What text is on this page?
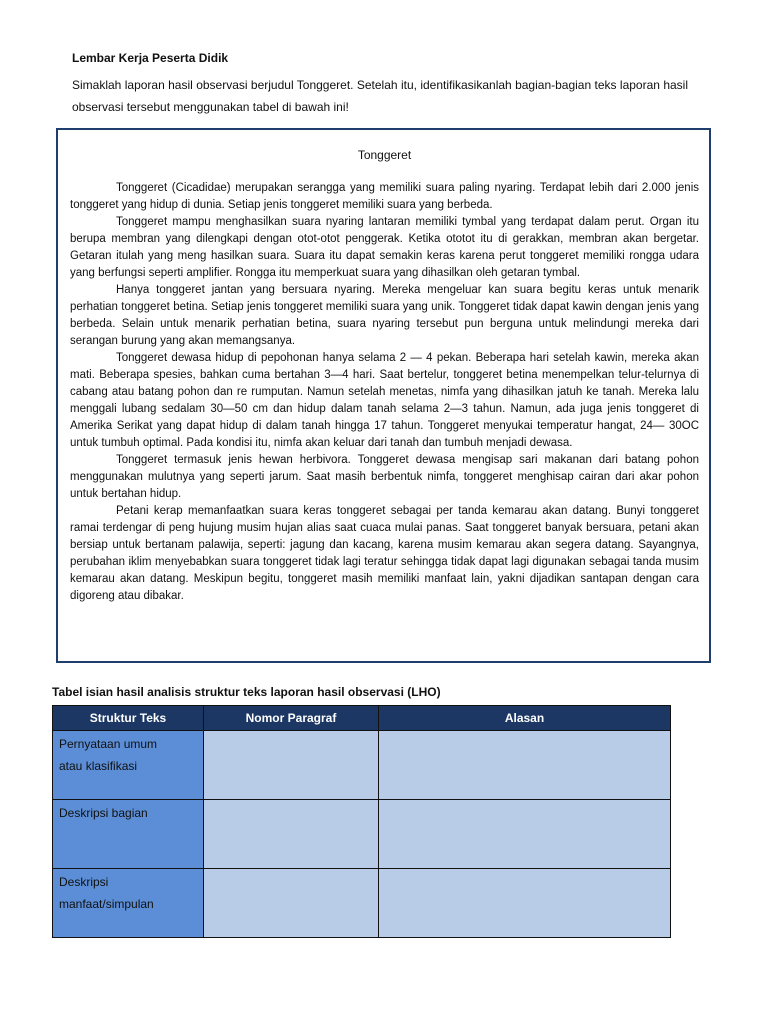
Lembar Kerja Peserta Didik
Simaklah laporan hasil observasi berjudul Tonggeret. Setelah itu, identifikasikanlah bagian-bagian teks laporan hasil observasi tersebut menggunakan tabel di bawah ini!
Tonggeret

Tonggeret (Cicadidae) merupakan serangga yang memiliki suara paling nyaring. Terdapat lebih dari 2.000 jenis tonggeret yang hidup di dunia. Setiap jenis tonggeret memiliki suara yang berbeda.

Tonggeret mampu menghasilkan suara nyaring lantaran memiliki tymbal yang terdapat dalam perut. Organ itu berupa membran yang dilengkapi dengan otot-otot penggerak. Ketika ototot itu di gerakkan, membran akan bergetar. Getaran itulah yang meng hasilkan suara. Suara itu dapat semakin keras karena perut tonggeret memiliki rongga udara yang berfungsi seperti amplifier. Rongga itu memperkuat suara yang dihasilkan oleh getaran tymbal.

Hanya tonggeret jantan yang bersuara nyaring. Mereka mengeluar kan suara begitu keras untuk menarik perhatian tonggeret betina. Setiap jenis tonggeret memiliki suara yang unik. Tonggeret tidak dapat kawin dengan jenis yang berbeda. Selain untuk menarik perhatian betina, suara nyaring tersebut pun berguna untuk melindungi mereka dari serangan burung yang akan memangsanya.

Tonggeret dewasa hidup di pepohonan hanya selama 2 — 4 pekan. Beberapa hari setelah kawin, mereka akan mati. Beberapa spesies, bahkan cuma bertahan 3—4 hari. Saat bertelur, tonggeret betina menempelkan telur-telurnya di cabang atau batang pohon dan re rumputan. Namun setelah menetas, nimfa yang dihasilkan jatuh ke tanah. Mereka lalu menggali lubang sedalam 30—50 cm dan hidup dalam tanah selama 2—3 tahun. Namun, ada juga jenis tonggeret di Amerika Serikat yang dapat hidup di dalam tanah hingga 17 tahun. Tonggeret menyukai temperatur hangat, 24— 30OC untuk tumbuh optimal. Pada kondisi itu, nimfa akan keluar dari tanah dan tumbuh menjadi dewasa.

Tonggeret termasuk jenis hewan herbivora. Tonggeret dewasa mengisap sari makanan dari batang pohon menggunakan mulutnya yang seperti jarum. Saat masih berbentuk nimfa, tonggeret menghisap cairan dari akar pohon untuk bertahan hidup.

Petani kerap memanfaatkan suara keras tonggeret sebagai per tanda kemarau akan datang. Bunyi tonggeret ramai terdengar di peng hujung musim hujan alias saat cuaca mulai panas. Saat tonggeret banyak bersuara, petani akan bersiap untuk bertanam palawija, seperti: jagung dan kacang, karena musim kemarau akan segera datang. Sayangnya, perubahan iklim menyebabkan suara tonggeret tidak lagi teratur sehingga tidak dapat lagi digunakan sebagai tanda musim kemarau akan datang. Meskipun begitu, tonggeret masih memiliki manfaat lain, yakni dijadikan santapan dengan cara digoreng atau dibakar.

Tabel isian hasil analisis struktur teks laporan hasil observasi (LHO)
Struktur Teks	Nomor Paragraf	Alasan

Pernyataan umum
atau klasifikasi		

Deskripsi bagian		

Deskripsi
manfaat/simpulan		
